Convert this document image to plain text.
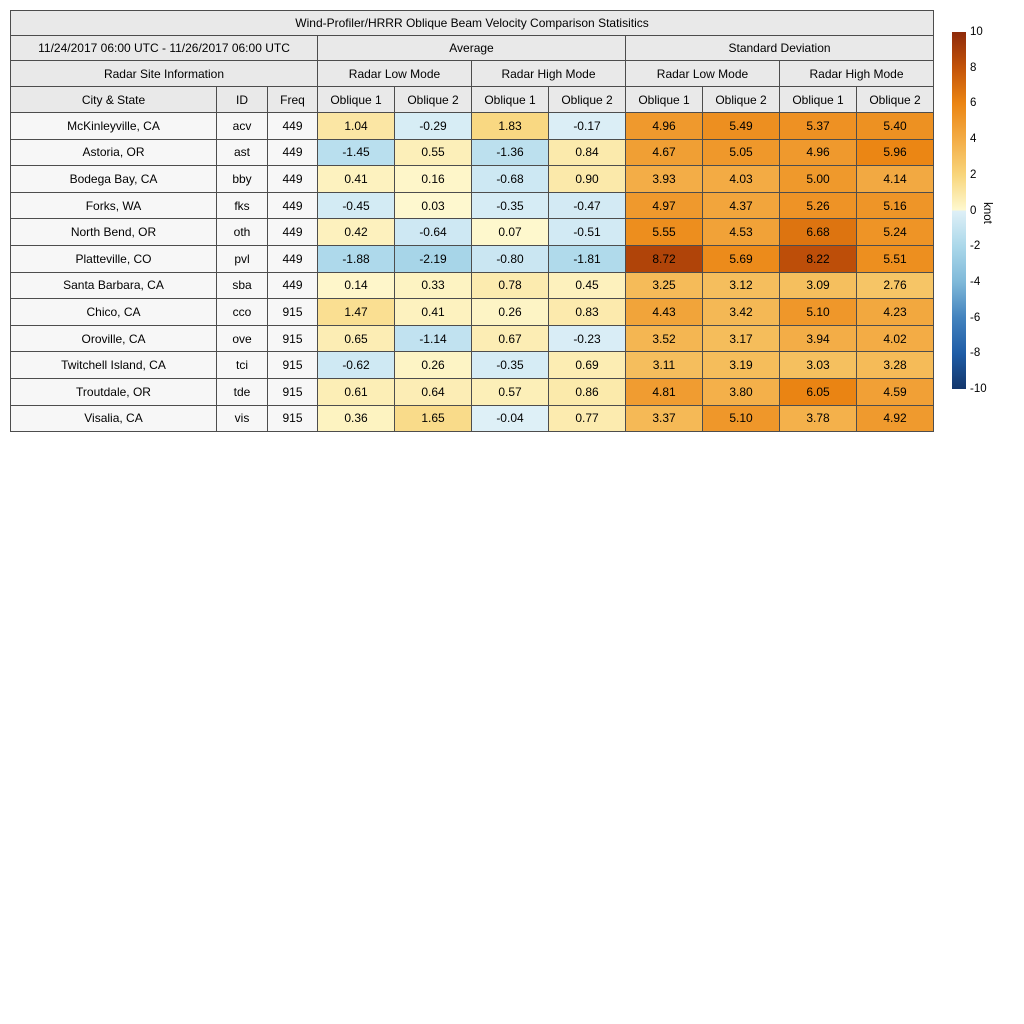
Wind-Profiler/HRRR Oblique Beam Velocity Comparison Statisitics										
11/24/2017 06:00 UTC - 11/26/2017 06:00 UTC			Average				Standard Deviation			
Radar Site Information			Radar Low Mode		Radar High Mode		Radar Low Mode		Radar High Mode	
City & State	ID	Freq	Oblique 1	Oblique 2	Oblique 1	Oblique 2	Oblique 1	Oblique 2	Oblique 1	Oblique 2
McKinleyville, CA	acv	449	1.04	-0.29	1.83	-0.17	4.96	5.49	5.37	5.40
Astoria, OR	ast	449	-1.45	0.55	-1.36	0.84	4.67	5.05	4.96	5.96
Bodega Bay, CA	bby	449	0.41	0.16	-0.68	0.90	3.93	4.03	5.00	4.14
Forks, WA	fks	449	-0.45	0.03	-0.35	-0.47	4.97	4.37	5.26	5.16
North Bend, OR	oth	449	0.42	-0.64	0.07	-0.51	5.55	4.53	6.68	5.24
Platteville, CO	pvl	449	-1.88	-2.19	-0.80	-1.81	8.72	5.69	8.22	5.51
Santa Barbara, CA	sba	449	0.14	0.33	0.78	0.45	3.25	3.12	3.09	2.76
Chico, CA	cco	915	1.47	0.41	0.26	0.83	4.43	3.42	5.10	4.23
Oroville, CA	ove	915	0.65	-1.14	0.67	-0.23	3.52	3.17	3.94	4.02
Twitchell Island, CA	tci	915	-0.62	0.26	-0.35	0.69	3.11	3.19	3.03	3.28
Troutdale, OR	tde	915	0.61	0.64	0.57	0.86	4.81	3.80	6.05	4.59
Visalia, CA	vis	915	0.36	1.65	-0.04	0.77	3.37	5.10	3.78	4.92
10
8
6
4
2
0
-2
-4
-6
-8
-10
knot
